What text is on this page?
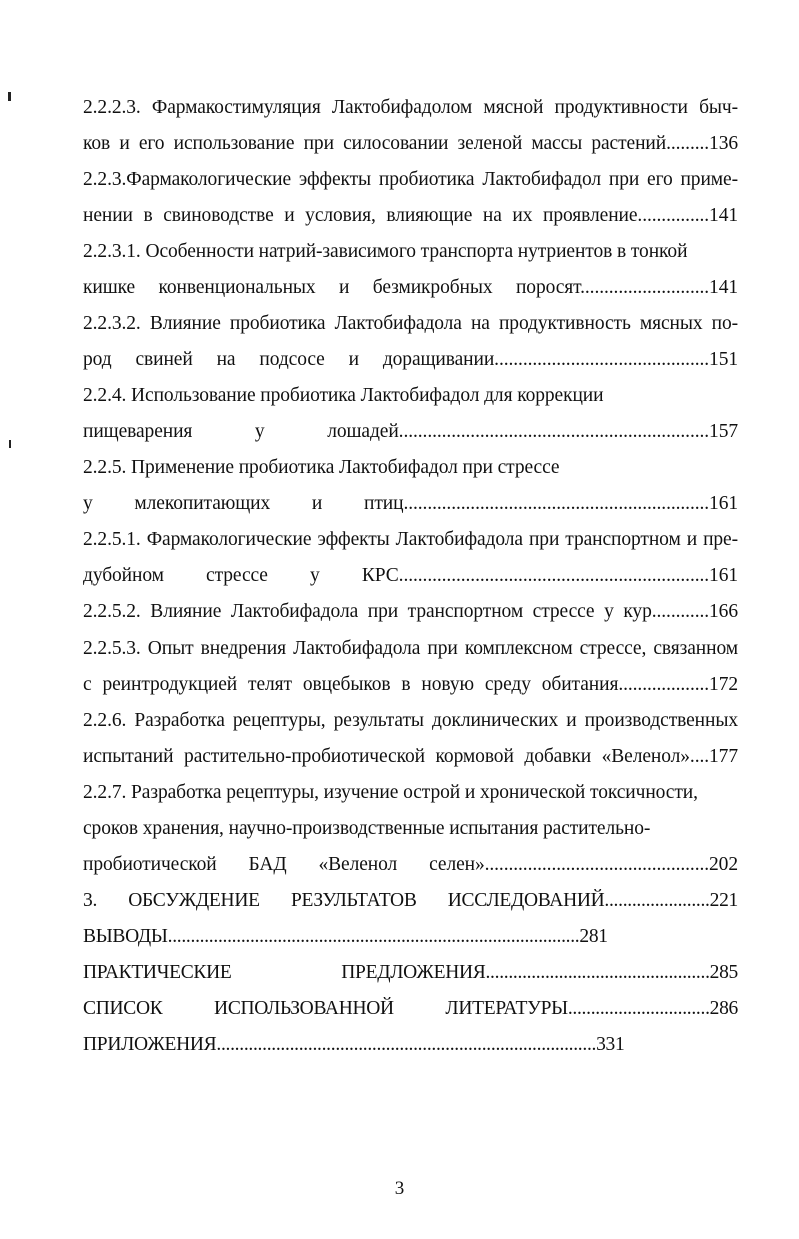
2.2.2.3. Фармакостимуляция Лактобифадолом мясной продуктивности быч-
ков и его использование при силосовании зеленой массы растений.........136
2.2.3.Фармакологические эффекты пробиотика Лактобифадол при его приме-
нении в свиноводстве и условия, влияющие на их проявление...............141
2.2.3.1. Особенности натрий-зависимого транспорта нутриентов в тонкой
кишке конвенциональных и безмикробных поросят...........................141
2.2.3.2. Влияние пробиотика Лактобифадола на продуктивность мясных по-
род свиней на подсосе и доращивании.............................................151
2.2.4. Использование пробиотика Лактобифадол для коррекции
пищеварения у лошадей.................................................................157
2.2.5. Применение пробиотика Лактобифадол при стрессе
у млекопитающих и птиц................................................................161
2.2.5.1. Фармакологические эффекты Лактобифадола при транспортном и пре-
дубойном стрессе у КРС.................................................................161
2.2.5.2. Влияние Лактобифадола при транспортном стрессе у кур............166
2.2.5.3. Опыт внедрения Лактобифадола при комплексном стрессе, связанном
с реинтродукцией телят овцебыков в новую среду обитания...................172
2.2.6. Разработка рецептуры, результаты доклинических и производственных
испытаний растительно-пробиотической кормовой добавки «Веленол»....177
2.2.7. Разработка рецептуры, изучение острой и хронической токсичности,
сроков хранения, научно-производственные испытания растительно-
пробиотической БАД «Веленол селен»...............................................202
3. ОБСУЖДЕНИЕ РЕЗУЛЬТАТОВ ИССЛЕДОВАНИЙ.......................221
ВЫВОДЫ..........................................................................................281
ПРАКТИЧЕСКИЕ ПРЕДЛОЖЕНИЯ.................................................285
СПИСОК ИСПОЛЬЗОВАННОЙ ЛИТЕРАТУРЫ...............................286
ПРИЛОЖЕНИЯ...................................................................................331
3
